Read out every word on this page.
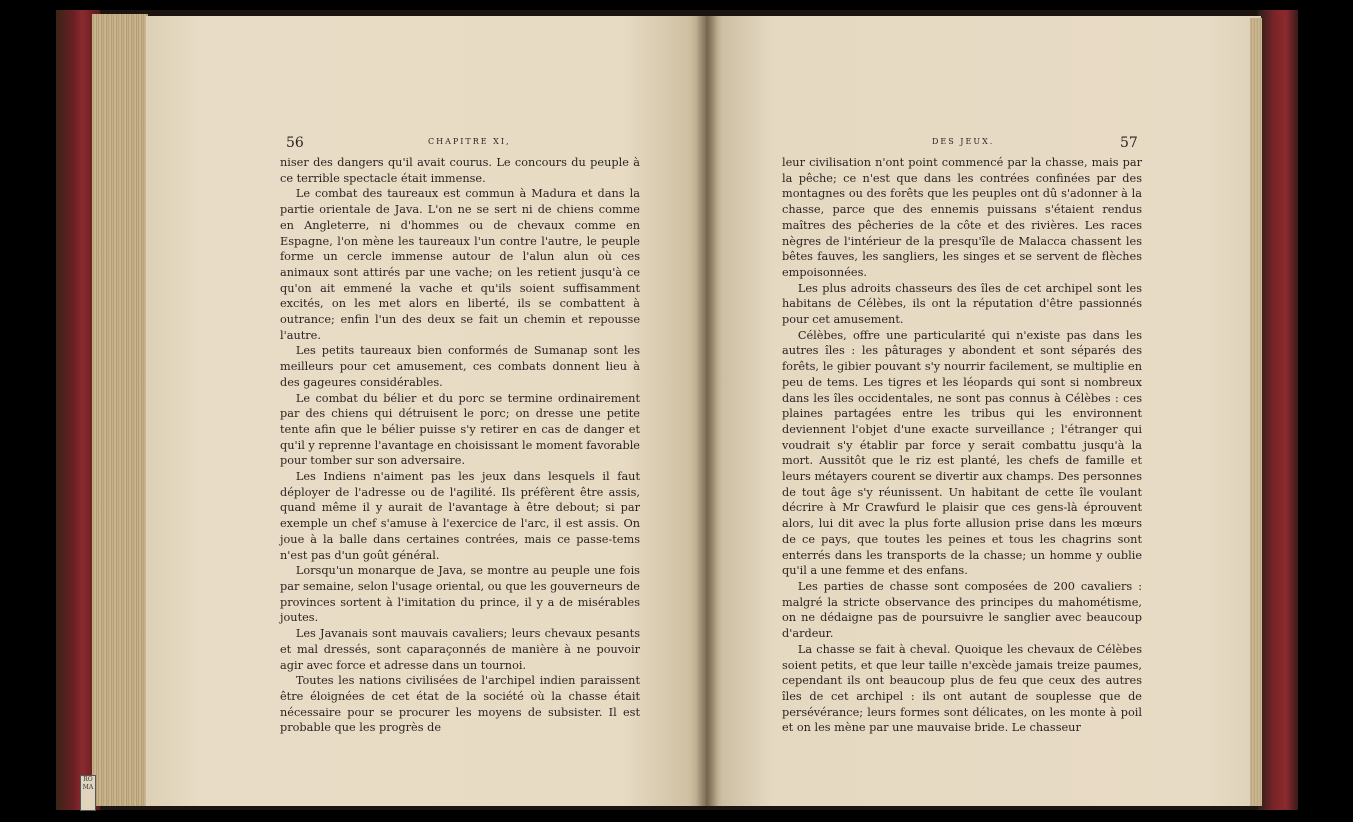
RO MA
56	CHAPITRE XI,	DES JEUX.	57

niser des dangers qu'il avait courus. Le concours du peuple à ce terrible spectacle était immense.

Le combat des taureaux est commun à Madura et dans la partie orientale de Java. L'on ne se sert ni de chiens comme en Angleterre, ni d'hommes ou de chevaux comme en Espagne, l'on mène les taureaux l'un contre l'autre, le peuple forme un cercle immense autour de l'alun alun où ces animaux sont attirés par une vache; on les retient jusqu'à ce qu'on ait emmené la vache et qu'ils soient suffisamment excités, on les met alors en liberté, ils se combattent à outrance; enfin l'un des deux se fait un chemin et repousse l'autre.

Les petits taureaux bien conformés de Sumanap sont les meilleurs pour cet amusement, ces combats donnent lieu à des gageures considérables.

Le combat du bélier et du porc se termine ordinairement par des chiens qui détruisent le porc; on dresse une petite tente afin que le bélier puisse s'y retirer en cas de danger et qu'il y reprenne l'avantage en choisissant le moment favorable pour tomber sur son adversaire.

Les Indiens n'aiment pas les jeux dans lesquels il faut déployer de l'adresse ou de l'agilité. Ils préfèrent être assis, quand même il y aurait de l'avantage à être debout; si par exemple un chef s'amuse à l'exercice de l'arc, il est assis. On joue à la balle dans certaines contrées, mais ce passe-tems n'est pas d'un goût général.

Lorsqu'un monarque de Java, se montre au peuple une fois par semaine, selon l'usage oriental, ou que les gouverneurs de provinces sortent à l'imitation du prince, il y a de misérables joutes.

Les Javanais sont mauvais cavaliers; leurs chevaux pesants et mal dressés, sont caparaçonnés de manière à ne pouvoir agir avec force et adresse dans un tournoi.

Toutes les nations civilisées de l'archipel indien paraissent être éloignées de cet état de la société où la chasse était nécessaire pour se procurer les moyens de subsister. Il est probable que les progrès de

leur civilisation n'ont point commencé par la chasse, mais par la pêche; ce n'est que dans les contrées confinées par des montagnes ou des forêts que les peuples ont dû s'adonner à la chasse, parce que des ennemis puissans s'étaient rendus maîtres des pêcheries de la côte et des rivières. Les races nègres de l'intérieur de la presqu'île de Malacca chassent les bêtes fauves, les sangliers, les singes et se servent de flèches empoisonnées.

Les plus adroits chasseurs des îles de cet archipel sont les habitans de Célèbes, ils ont la réputation d'être passionnés pour cet amusement.

Célèbes, offre une particularité qui n'existe pas dans les autres îles : les pâturages y abondent et sont séparés des forêts, le gibier pouvant s'y nourrir facilement, se multiplie en peu de tems. Les tigres et les léopards qui sont si nombreux dans les îles occidentales, ne sont pas connus à Célèbes : ces plaines partagées entre les tribus qui les environnent deviennent l'objet d'une exacte surveillance ; l'étranger qui voudrait s'y établir par force y serait combattu jusqu'à la mort. Aussitôt que le riz est planté, les chefs de famille et leurs métayers courent se divertir aux champs. Des personnes de tout âge s'y réunissent. Un habitant de cette île voulant décrire à Mr Crawfurd le plaisir que ces gens-là éprouvent alors, lui dit avec la plus forte allusion prise dans les mœurs de ce pays, que toutes les peines et tous les chagrins sont enterrés dans les transports de la chasse; un homme y oublie qu'il a une femme et des enfans.

Les parties de chasse sont composées de 200 cavaliers : malgré la stricte observance des principes du mahométisme, on ne dédaigne pas de poursuivre le sanglier avec beaucoup d'ardeur.

La chasse se fait à cheval. Quoique les chevaux de Célèbes soient petits, et que leur taille n'excède jamais treize paumes, cependant ils ont beaucoup plus de feu que ceux des autres îles de cet archipel : ils ont autant de souplesse que de persévérance; leurs formes sont délicates, on les monte à poil et on les mène par une mauvaise bride. Le chasseur
